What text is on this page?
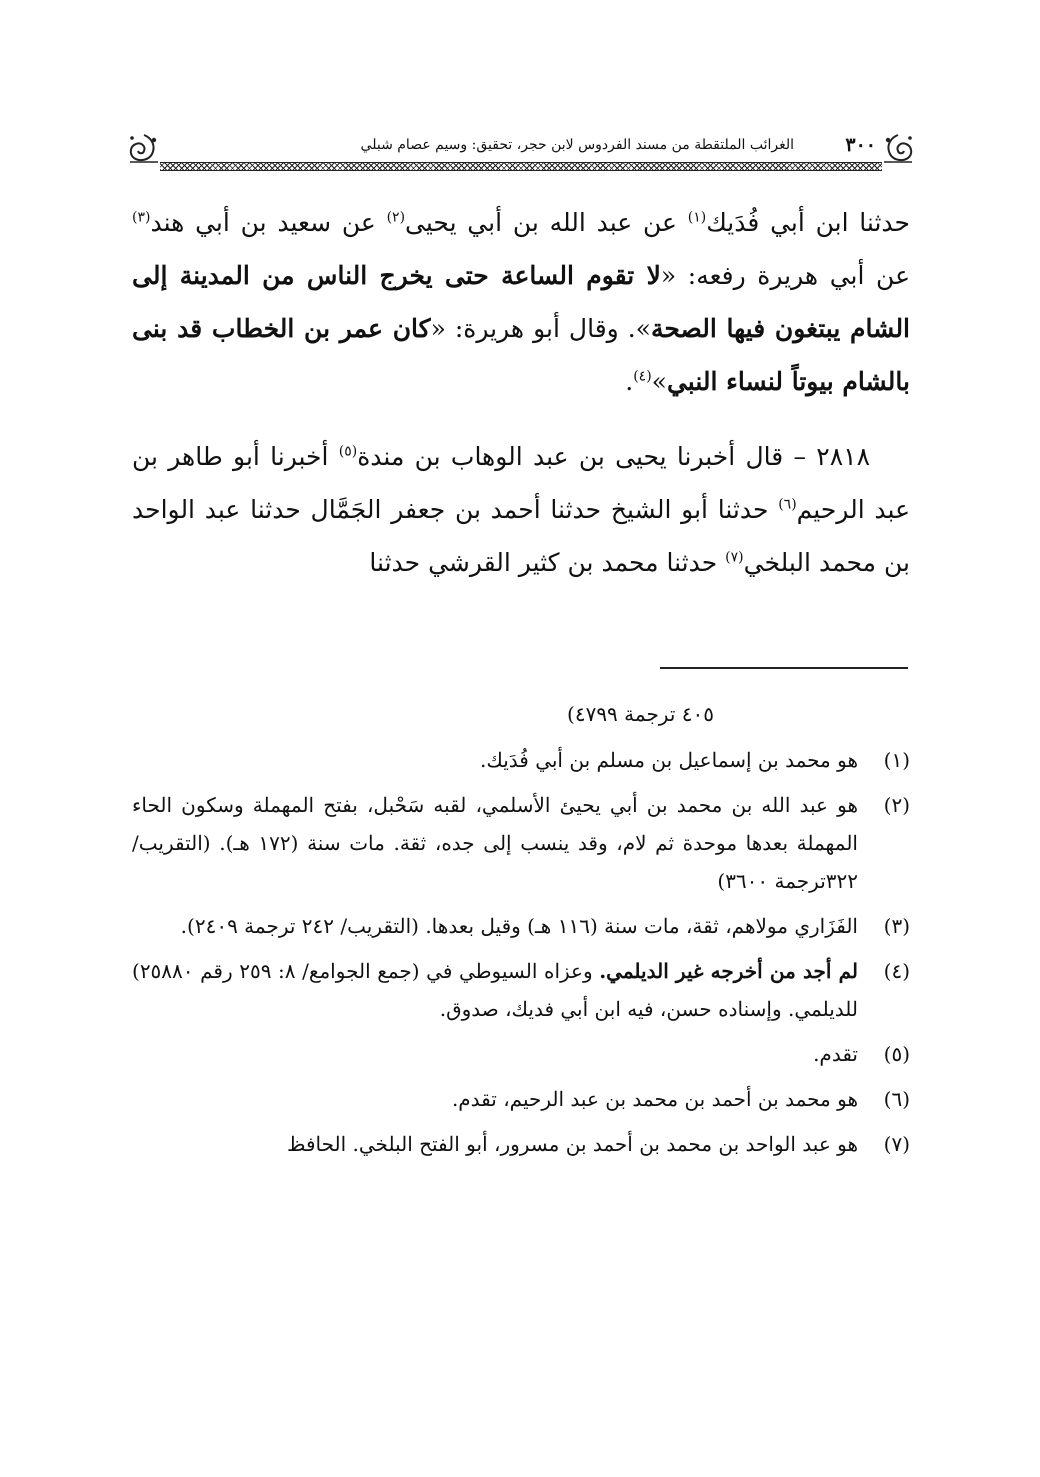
٣٠٠
الغرائب الملتقطة من مسند الفردوس لابن حجر، تحقيق: وسيم عصام شبلي

حدثنا ابن أبي فُدَيك$^{(١)}$ عن عبد الله بن أبي يحيى$^{(٢)}$ عن سعيد بن أبي هند$^{(٣)}$ عن أبي هريرة رفعه: «لا تقوم الساعة حتى يخرج الناس من المدينة إلى الشام يبتغون فيها الصحة». وقال أبو هريرة: «كان عمر بن الخطاب قد بنى بالشام بيوتاً لنساء النبي»$^{(٤)}$.

٢٨١٨ – قال أخبرنا يحيى بن عبد الوهاب بن مندة$^{(٥)}$ أخبرنا أبو طاهر بن عبد الرحيم$^{(٦)}$ حدثنا أبو الشيخ حدثنا أحمد بن جعفر الجَمَّال حدثنا عبد الواحد بن محمد البلخي$^{(٧)}$ حدثنا محمد بن كثير القرشي حدثنا

٤٠٥ ترجمة ٤٧٩٩)
(١)
هو محمد بن إسماعيل بن مسلم بن أبي فُدَيك.
(٢)
هو عبد الله بن محمد بن أبي يحيئ الأسلمي، لقبه سَحْبل، بفتح المهملة وسكون الحاء المهملة بعدها موحدة ثم لام، وقد ينسب إلى جده، ثقة. مات سنة (١٧٢ هـ). (التقريب/ ٣٢٢ترجمة ٣٦٠٠)
(٣)
الفَزَاري مولاهم، ثقة، مات سنة (١١٦ هـ) وقيل بعدها. (التقريب/ ٢٤٢ ترجمة ٢٤٠٩).
(٤)
لم أجد من أخرجه غير الديلمي. وعزاه السيوطي في (جمع الجوامع/ ٨: ٢٥٩ رقم ٢٥٨٨٠) للديلمي. وإسناده حسن، فيه ابن أبي فديك، صدوق.
(٥)
تقدم.
(٦)
هو محمد بن أحمد بن محمد بن عبد الرحيم، تقدم.
(٧)
هو عبد الواحد بن محمد بن أحمد بن مسرور، أبو الفتح البلخي. الحافظ
